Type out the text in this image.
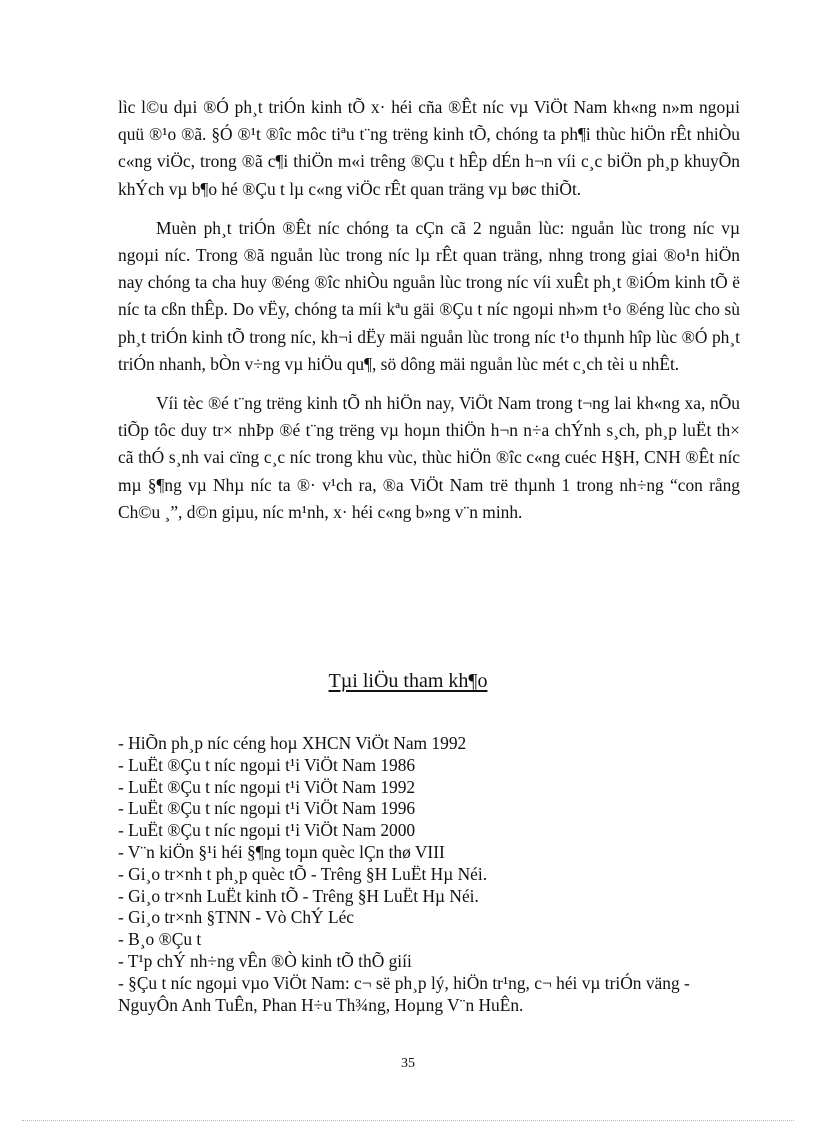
lìc l©u dµi ®Ó ph¸t triÓn kinh tÕ x· héi cña ®Êt níc vµ ViÖt Nam kh«ng n»m ngoµi quü ®¹o ®ã. §Ó ®¹t ®îc môc tiªu t¨ng trëng kinh tÕ, chóng ta ph¶i thùc hiÖn rÊt nhiÒu c«ng viÖc, trong ®ã c¶i thiÖn m«i trêng ®Çu t hÊp dÉn h¬n víi c¸c biÖn ph¸p khuyÕn khÝch vµ b¶o hé ®Çu t lµ c«ng viÖc rÊt quan träng vµ bøc thiÕt.

Muèn ph¸t triÓn ®Êt níc chóng ta cÇn cã 2 nguån lùc: nguån lùc trong níc vµ ngoµi níc. Trong ®ã nguån lùc trong níc lµ rÊt quan träng, nhng trong giai ®o¹n hiÖn nay chóng ta cha huy ®éng ®îc nhiÒu nguån lùc trong níc víi xuÊt ph¸t ®iÓm kinh tÕ ë níc ta cßn thÊp. Do vËy, chóng ta míi kªu gäi ®Çu t níc ngoµi nh»m t¹o ®éng lùc cho sù ph¸t triÓn kinh tÕ trong níc, kh¬i dËy mäi nguån lùc trong níc t¹o thµnh hîp lùc ®Ó ph¸t triÓn nhanh, bÒn v÷ng vµ hiÖu qu¶, sö dông mäi nguån lùc mét c¸ch tèi u nhÊt.

Víi tèc ®é t¨ng trëng kinh tÕ nh hiÖn nay, ViÖt Nam trong t¬ng lai kh«ng xa, nÕu tiÕp tôc duy tr× nhÞp ®é t¨ng trëng vµ hoµn thiÖn h¬n n÷a chÝnh s¸ch, ph¸p luËt th× cã thÓ s¸nh vai cïng c¸c níc trong khu vùc, thùc hiÖn ®îc c«ng cuéc H§H, CNH ®Êt níc mµ §¶ng vµ Nhµ níc ta ®· v¹ch ra, ®a ViÖt Nam trë thµnh 1 trong nh÷ng “con rång Ch©u ¸”, d©n giµu, níc m¹nh, x· héi c«ng b»ng v¨n minh.

Tµi liÖu tham kh¶o
- HiÕn ph¸p níc céng hoµ XHCN ViÖt Nam 1992
- LuËt ®Çu t níc ngoµi t¹i ViÖt Nam 1986
- LuËt ®Çu t níc ngoµi t¹i ViÖt Nam 1992
- LuËt ®Çu t níc ngoµi t¹i ViÖt Nam 1996
- LuËt ®Çu t níc ngoµi t¹i ViÖt Nam 2000
- V¨n kiÖn §¹i héi §¶ng toµn quèc lÇn thø VIII
- Gi¸o tr×nh t ph¸p quèc tÕ - Trêng §H LuËt Hµ Néi.
- Gi¸o tr×nh LuËt kinh tÕ - Trêng §H LuËt Hµ Néi.
- Gi¸o tr×nh §TNN - Vò ChÝ Léc
- B¸o ®Çu t
- T¹p chÝ nh÷ng vÊn ®Ò kinh tÕ thÕ giíi
- §Çu t níc ngoµi vµo ViÖt Nam: c¬ së ph¸p lý, hiÖn tr¹ng, c¬ héi vµ triÓn väng - NguyÔn Anh TuÊn, Phan H÷u Th¾ng, Hoµng V¨n HuÊn.
35
